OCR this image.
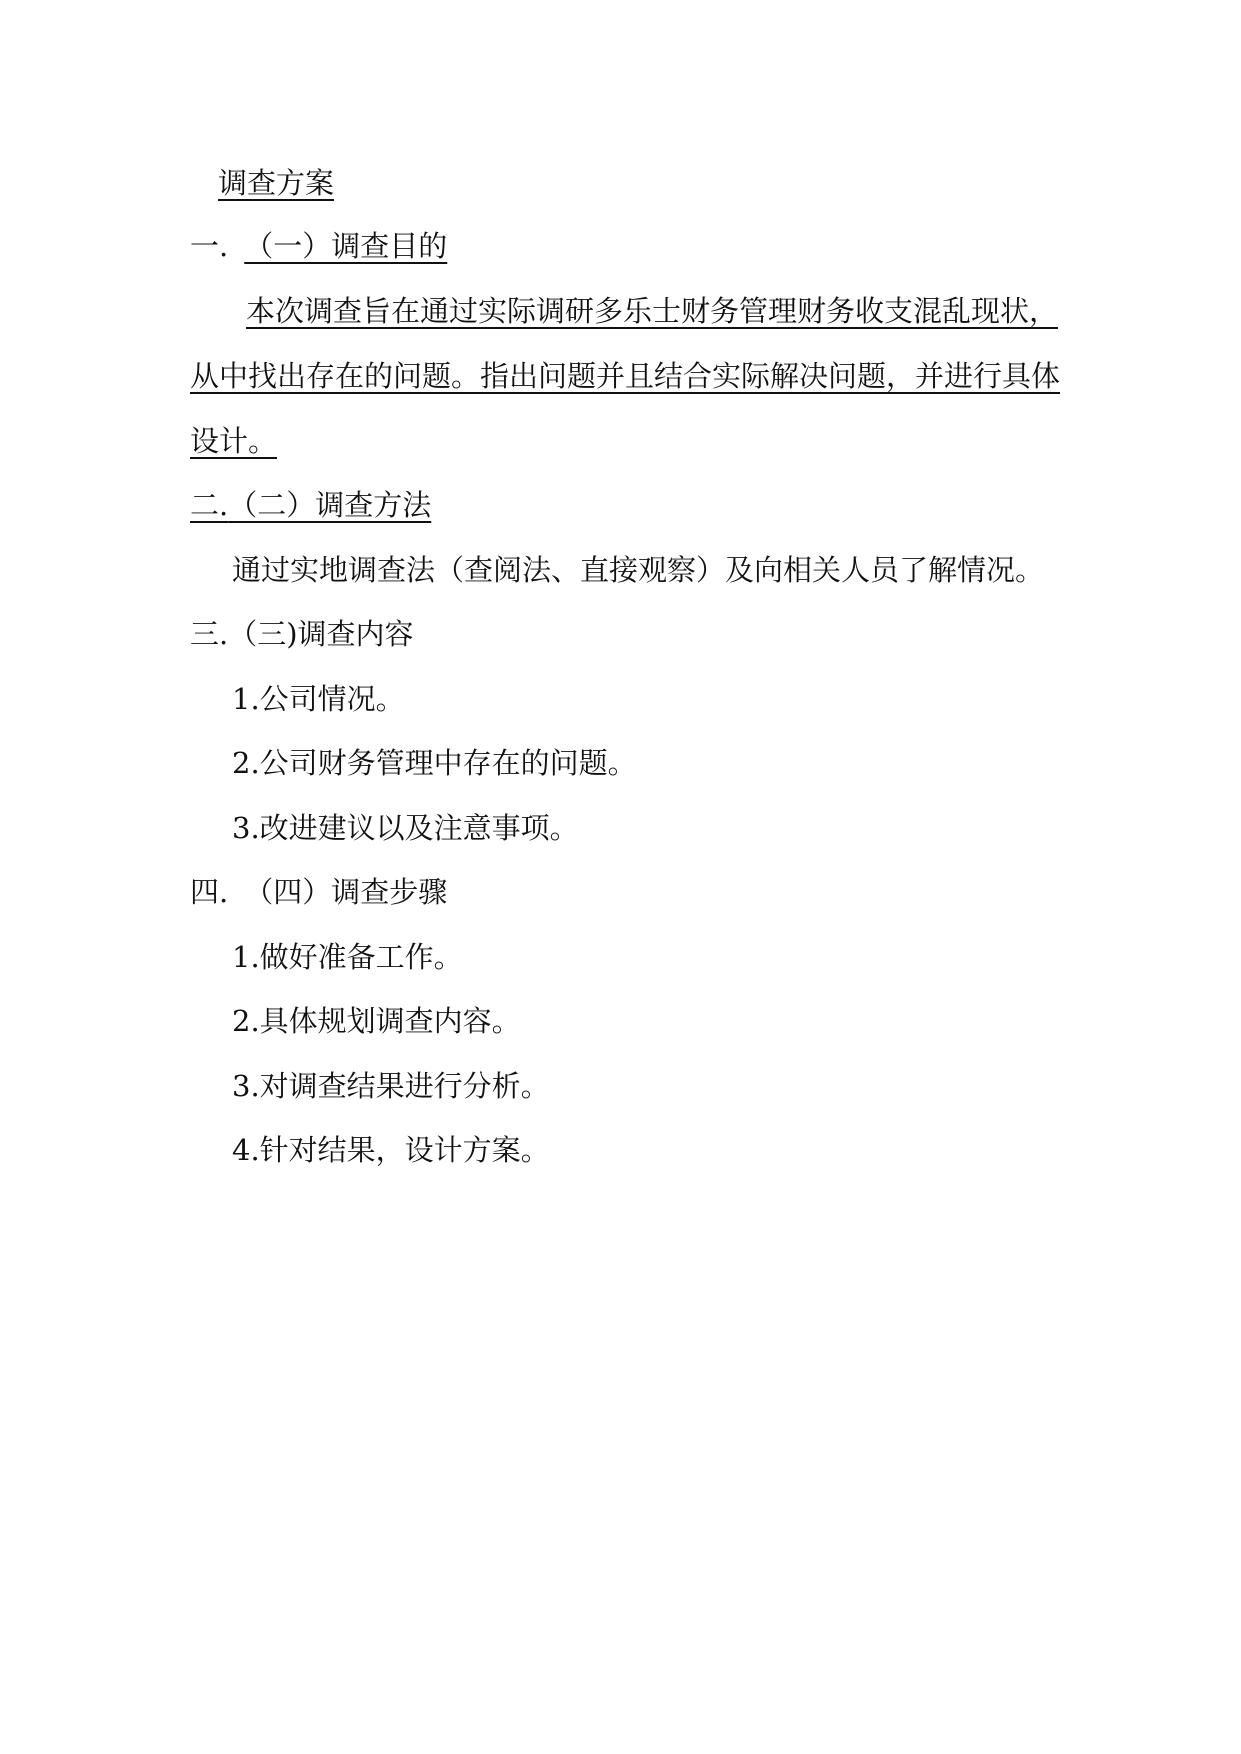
调查方案
一. （一）调查目的
本次调查旨在通过实际调研多乐士财务管理财务收支混乱现状，
从中找出存在的问题。指出问题并且结合实际解决问题，并进行具体
设计。
二.（二）调查方法
通过实地调查法（查阅法、直接观察）及向相关人员了解情况。
三.（三)调查内容
1.公司情况。
2.公司财务管理中存在的问题。
3.改进建议以及注意事项。
四. （四）调查步骤
1.做好准备工作。
2.具体规划调查内容。
3.对调查结果进行分析。
4.针对结果，设计方案。
